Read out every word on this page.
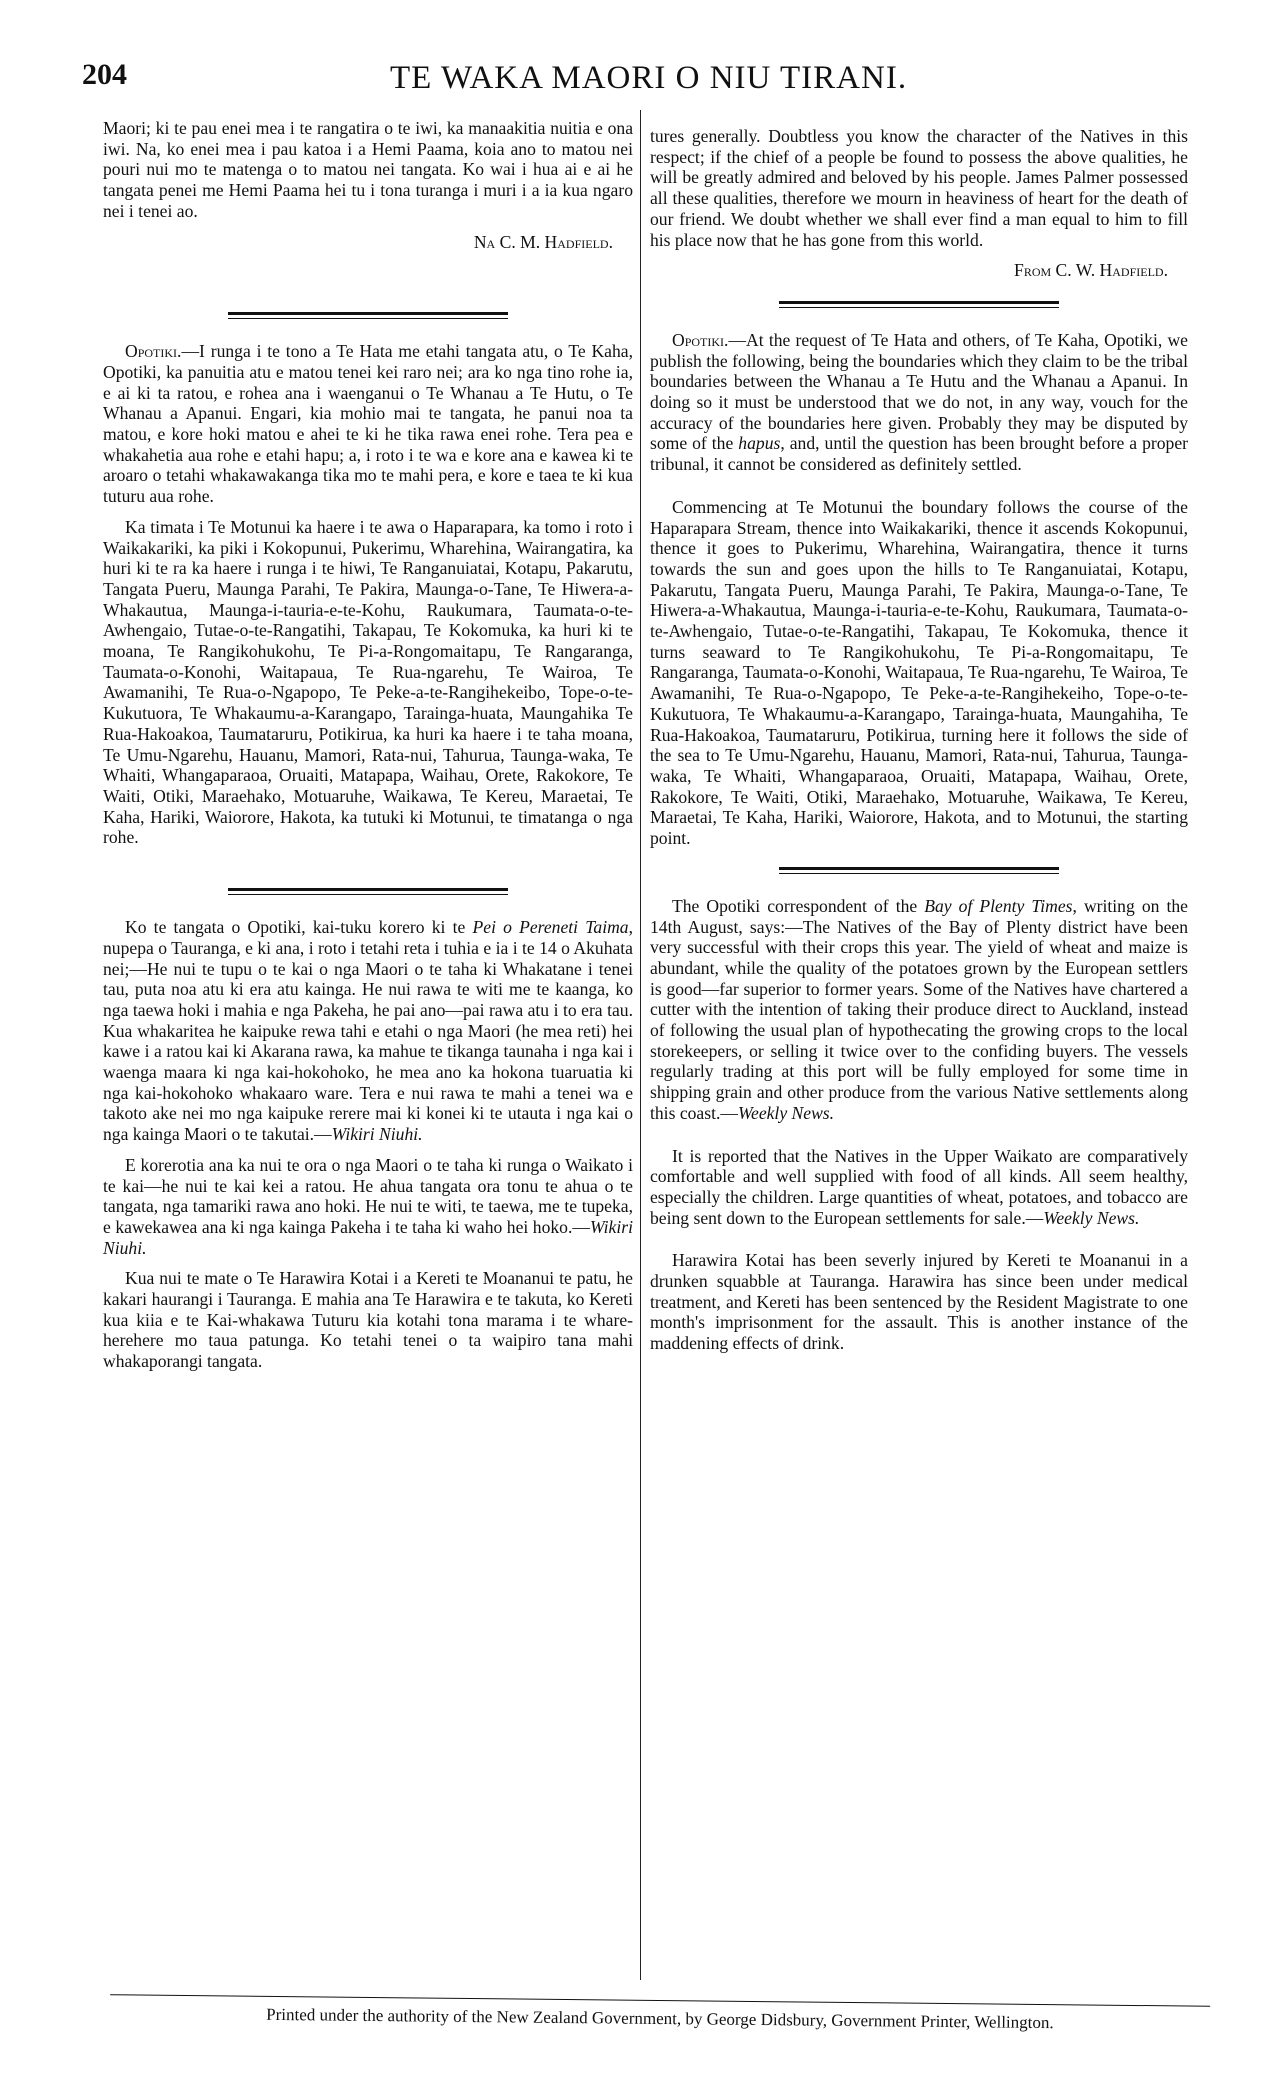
204	TE WAKA MAORI O NIU TIRANI.

Maori; ki te pau enei mea i te rangatira o te iwi, ka manaakitia nuitia e ona iwi. Na, ko enei mea i pau katoa i a Hemi Paama, koia ano to matou nei pouri nui mo te matenga o to matou nei tangata. Ko wai i hua ai e ai he tangata penei me Hemi Paama hei tu i tona turanga i muri i a ia kua ngaro nei i tenei ao.

Na C. M. Hadfield.

Opotiki.—I runga i te tono a Te Hata me etahi tangata atu, o Te Kaha, Opotiki, ka panuitia atu e matou tenei kei raro nei; ara ko nga tino rohe ia, e ai ki ta ratou, e rohea ana i waenganui o Te Whanau a Te Hutu, o Te Whanau a Apanui. Engari, kia mohio mai te tangata, he panui noa ta matou, e kore hoki matou e ahei te ki he tika rawa enei rohe. Tera pea e whakahetia aua rohe e etahi hapu; a, i roto i te wa e kore ana e kawea ki te aroaro o tetahi whakawakanga tika mo te mahi pera, e kore e taea te ki kua tuturu aua rohe.

Ka timata i Te Motunui ka haere i te awa o Haparapara, ka tomo i roto i Waikakariki, ka piki i Kokopunui, Pukerimu, Wharehina, Wairangatira, ka huri ki te ra ka haere i runga i te hiwi, Te Ranganuiatai, Kotapu, Pakarutu, Tangata Pueru, Maunga Parahi, Te Pakira, Maunga-o-Tane, Te Hiwera-a-Whakautua, Maunga-i-tauria-e-te-Kohu, Raukumara, Taumata-o-te-Awhengaio, Tutae-o-te-Rangatihi, Takapau, Te Kokomuka, ka huri ki te moana, Te Rangikohukohu, Te Pi-a-Rongomaitapu, Te Rangaranga, Taumata-o-Konohi, Waitapaua, Te Rua-ngarehu, Te Wairoa, Te Awamanihi, Te Rua-o-Ngapopo, Te Peke-a-te-Rangihekeibo, Tope-o-te-Kukutuora, Te Whakaumu-a-Karangapo, Tarainga-huata, Maungahika Te Rua-Hakoakoa, Taumataruru, Potikirua, ka huri ka haere i te taha moana, Te Umu-Ngarehu, Hauanu, Mamori, Rata-nui, Tahurua, Taunga-waka, Te Whaiti, Whangaparaoa, Oruaiti, Matapapa, Waihau, Orete, Rakokore, Te Waiti, Otiki, Maraehako, Motuaruhe, Waikawa, Te Kereu, Maraetai, Te Kaha, Hariki, Waiorore, Hakota, ka tutuki ki Motunui, te timatanga o nga rohe.

Ko te tangata o Opotiki, kai-tuku korero ki te Pei o Pereneti Taima, nupepa o Tauranga, e ki ana, i roto i tetahi reta i tuhia e ia i te 14 o Akuhata nei;—He nui te tupu o te kai o nga Maori o te taha ki Whakatane i tenei tau, puta noa atu ki era atu kainga. He nui rawa te witi me te kaanga, ko nga taewa hoki i mahia e nga Pakeha, he pai ano—pai rawa atu i to era tau. Kua whakaritea he kaipuke rewa tahi e etahi o nga Maori (he mea reti) hei kawe i a ratou kai ki Akarana rawa, ka mahue te tikanga taunaha i nga kai i waenga maara ki nga kai-hokohoko, he mea ano ka hokona tuaruatia ki nga kai-hokohoko whakaaro ware. Tera e nui rawa te mahi a tenei wa e takoto ake nei mo nga kaipuke rerere mai ki konei ki te utauta i nga kai o nga kainga Maori o te takutai.—Wikiri Niuhi.

E korerotia ana ka nui te ora o nga Maori o te taha ki runga o Waikato i te kai—he nui te kai kei a ratou. He ahua tangata ora tonu te ahua o te tangata, nga tamariki rawa ano hoki. He nui te witi, te taewa, me te tupeka, e kawekawea ana ki nga kainga Pakeha i te taha ki waho hei hoko.—Wikiri Niuhi.

Kua nui te mate o Te Harawira Kotai i a Kereti te Moananui te patu, he kakari haurangi i Tauranga. E mahia ana Te Harawira e te takuta, ko Kereti kua kiia e te Kai-whakawa Tuturu kia kotahi tona marama i te whare-herehere mo taua patunga. Ko tetahi tenei o ta waipiro tana mahi whakaporangi tangata.

tures generally. Doubtless you know the character of the Natives in this respect; if the chief of a people be found to possess the above qualities, he will be greatly admired and beloved by his people. James Palmer possessed all these qualities, therefore we mourn in heaviness of heart for the death of our friend. We doubt whether we shall ever find a man equal to him to fill his place now that he has gone from this world.

From C. W. Hadfield.

Opotiki.—At the request of Te Hata and others, of Te Kaha, Opotiki, we publish the following, being the boundaries which they claim to be the tribal boundaries between the Whanau a Te Hutu and the Whanau a Apanui. In doing so it must be understood that we do not, in any way, vouch for the accuracy of the boundaries here given. Probably they may be disputed by some of the hapus, and, until the question has been brought before a proper tribunal, it cannot be considered as definitely settled.

Commencing at Te Motunui the boundary follows the course of the Haparapara Stream, thence into Waikakariki, thence it ascends Kokopunui, thence it goes to Pukerimu, Wharehina, Wairangatira, thence it turns towards the sun and goes upon the hills to Te Ranganuiatai, Kotapu, Pakarutu, Tangata Pueru, Maunga Parahi, Te Pakira, Maunga-o-Tane, Te Hiwera-a-Whakautua, Maunga-i-tauria-e-te-Kohu, Raukumara, Taumata-o-te-Awhengaio, Tutae-o-te-Rangatihi, Takapau, Te Kokomuka, thence it turns seaward to Te Rangikohukohu, Te Pi-a-Rongomaitapu, Te Rangaranga, Taumata-o-Konohi, Waitapaua, Te Rua-ngarehu, Te Wairoa, Te Awamanihi, Te Rua-o-Ngapopo, Te Peke-a-te-Rangihekeiho, Tope-o-te-Kukutuora, Te Whakaumu-a-Karangapo, Tarainga-huata, Maungahiha, Te Rua-Hakoakoa, Taumataruru, Potikirua, turning here it follows the side of the sea to Te Umu-Ngarehu, Hauanu, Mamori, Rata-nui, Tahurua, Taunga-waka, Te Whaiti, Whangaparaoa, Oruaiti, Matapapa, Waihau, Orete, Rakokore, Te Waiti, Otiki, Maraehako, Motuaruhe, Waikawa, Te Kereu, Maraetai, Te Kaha, Hariki, Waiorore, Hakota, and to Motunui, the starting point.

The Opotiki correspondent of the Bay of Plenty Times, writing on the 14th August, says:—The Natives of the Bay of Plenty district have been very successful with their crops this year. The yield of wheat and maize is abundant, while the quality of the potatoes grown by the European settlers is good—far superior to former years. Some of the Natives have chartered a cutter with the intention of taking their produce direct to Auckland, instead of following the usual plan of hypothecating the growing crops to the local storekeepers, or selling it twice over to the confiding buyers. The vessels regularly trading at this port will be fully employed for some time in shipping grain and other produce from the various Native settlements along this coast.—Weekly News.

It is reported that the Natives in the Upper Waikato are comparatively comfortable and well supplied with food of all kinds. All seem healthy, especially the children. Large quantities of wheat, potatoes, and tobacco are being sent down to the European settlements for sale.—Weekly News.

Harawira Kotai has been severly injured by Kereti te Moananui in a drunken squabble at Tauranga. Harawira has since been under medical treatment, and Kereti has been sentenced by the Resident Magistrate to one month's imprisonment for the assault. This is another instance of the maddening effects of drink.

Printed under the authority of the New Zealand Government, by George Didsbury, Government Printer, Wellington.
